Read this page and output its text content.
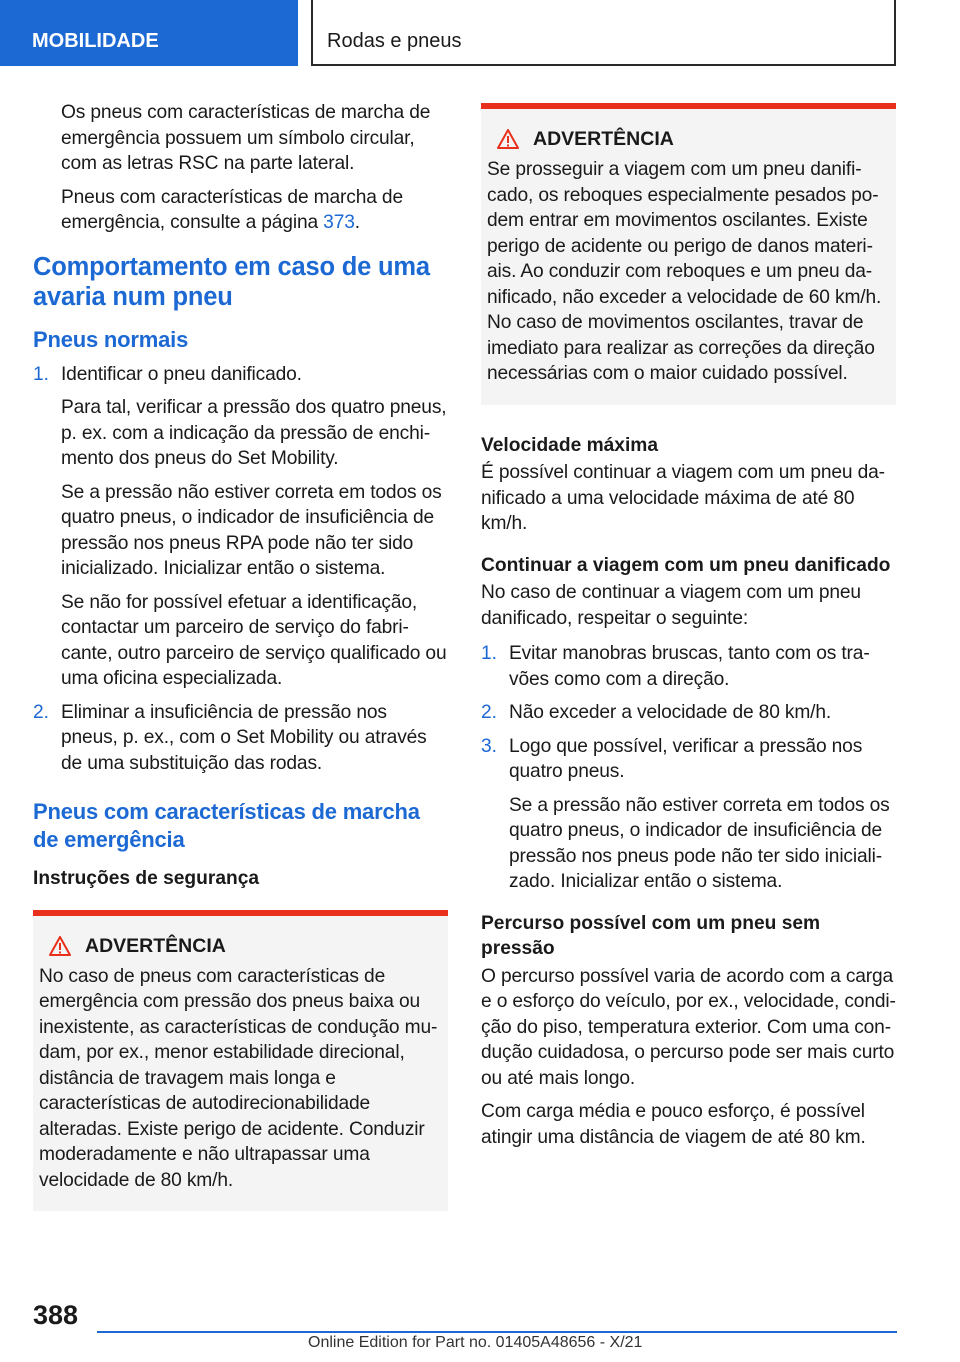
MOBILIDADE	Rodas e pneus

Os pneus com características de marcha de emergência possuem um símbolo circular, com as letras RSC na parte lateral.

Pneus com características de marcha de emergência, consulte a página 373.

Comportamento em caso de uma avaria num pneu
Pneus normais
1. Identificar o pneu danificado.

Para tal, verificar a pressão dos quatro pneus, p. ex. com a indicação da pressão de enchimento dos pneus do Set Mobility.

Se a pressão não estiver correta em todos os quatro pneus, o indicador de insuficiência de pressão nos pneus RPA pode não ter sido inicializado. Inicializar então o sistema.

Se não for possível efetuar a identificação, contactar um parceiro de serviço do fabricante, outro parceiro de serviço qualificado ou uma oficina especializada.

2. Eliminar a insuficiência de pressão nos pneus, p. ex., com o Set Mobility ou através de uma substituição das rodas.

Pneus com características de marcha de emergência
Instruções de segurança
ADVERTÊNCIA

No caso de pneus com características de emergência com pressão dos pneus baixa ou inexistente, as características de condução mudam, por ex., menor estabilidade direcional, distância de travagem mais longa e características de autodirecionabilidade alteradas. Existe perigo de acidente. Conduzir moderadamente e não ultrapassar uma velocidade de 80 km/h.

ADVERTÊNCIA

Se prosseguir a viagem com um pneu danificado, os reboques especialmente pesados podem entrar em movimentos oscilantes. Existe perigo de acidente ou perigo de danos materiais. Ao conduzir com reboques e um pneu danificado, não exceder a velocidade de 60 km/h. No caso de movimentos oscilantes, travar de imediato para realizar as correções da direção necessárias com o maior cuidado possível.

Velocidade máxima

É possível continuar a viagem com um pneu danificado a uma velocidade máxima de até 80 km/h.

Continuar a viagem com um pneu danificado

No caso de continuar a viagem com um pneu danificado, respeitar o seguinte:

1. Evitar manobras bruscas, tanto com os travões como com a direção.

2. Não exceder a velocidade de 80 km/h.

3. Logo que possível, verificar a pressão nos quatro pneus.

Se a pressão não estiver correta em todos os quatro pneus, o indicador de insuficiência de pressão nos pneus pode não ter sido inicializado. Inicializar então o sistema.

Percurso possível com um pneu sem pressão

O percurso possível varia de acordo com a carga e o esforço do veículo, por ex., velocidade, condição do piso, temperatura exterior. Com uma condução cuidadosa, o percurso pode ser mais curto ou até mais longo.

Com carga média e pouco esforço, é possível atingir uma distância de viagem de até 80 km.

388
Online Edition for Part no. 01405A48656 - X/21
